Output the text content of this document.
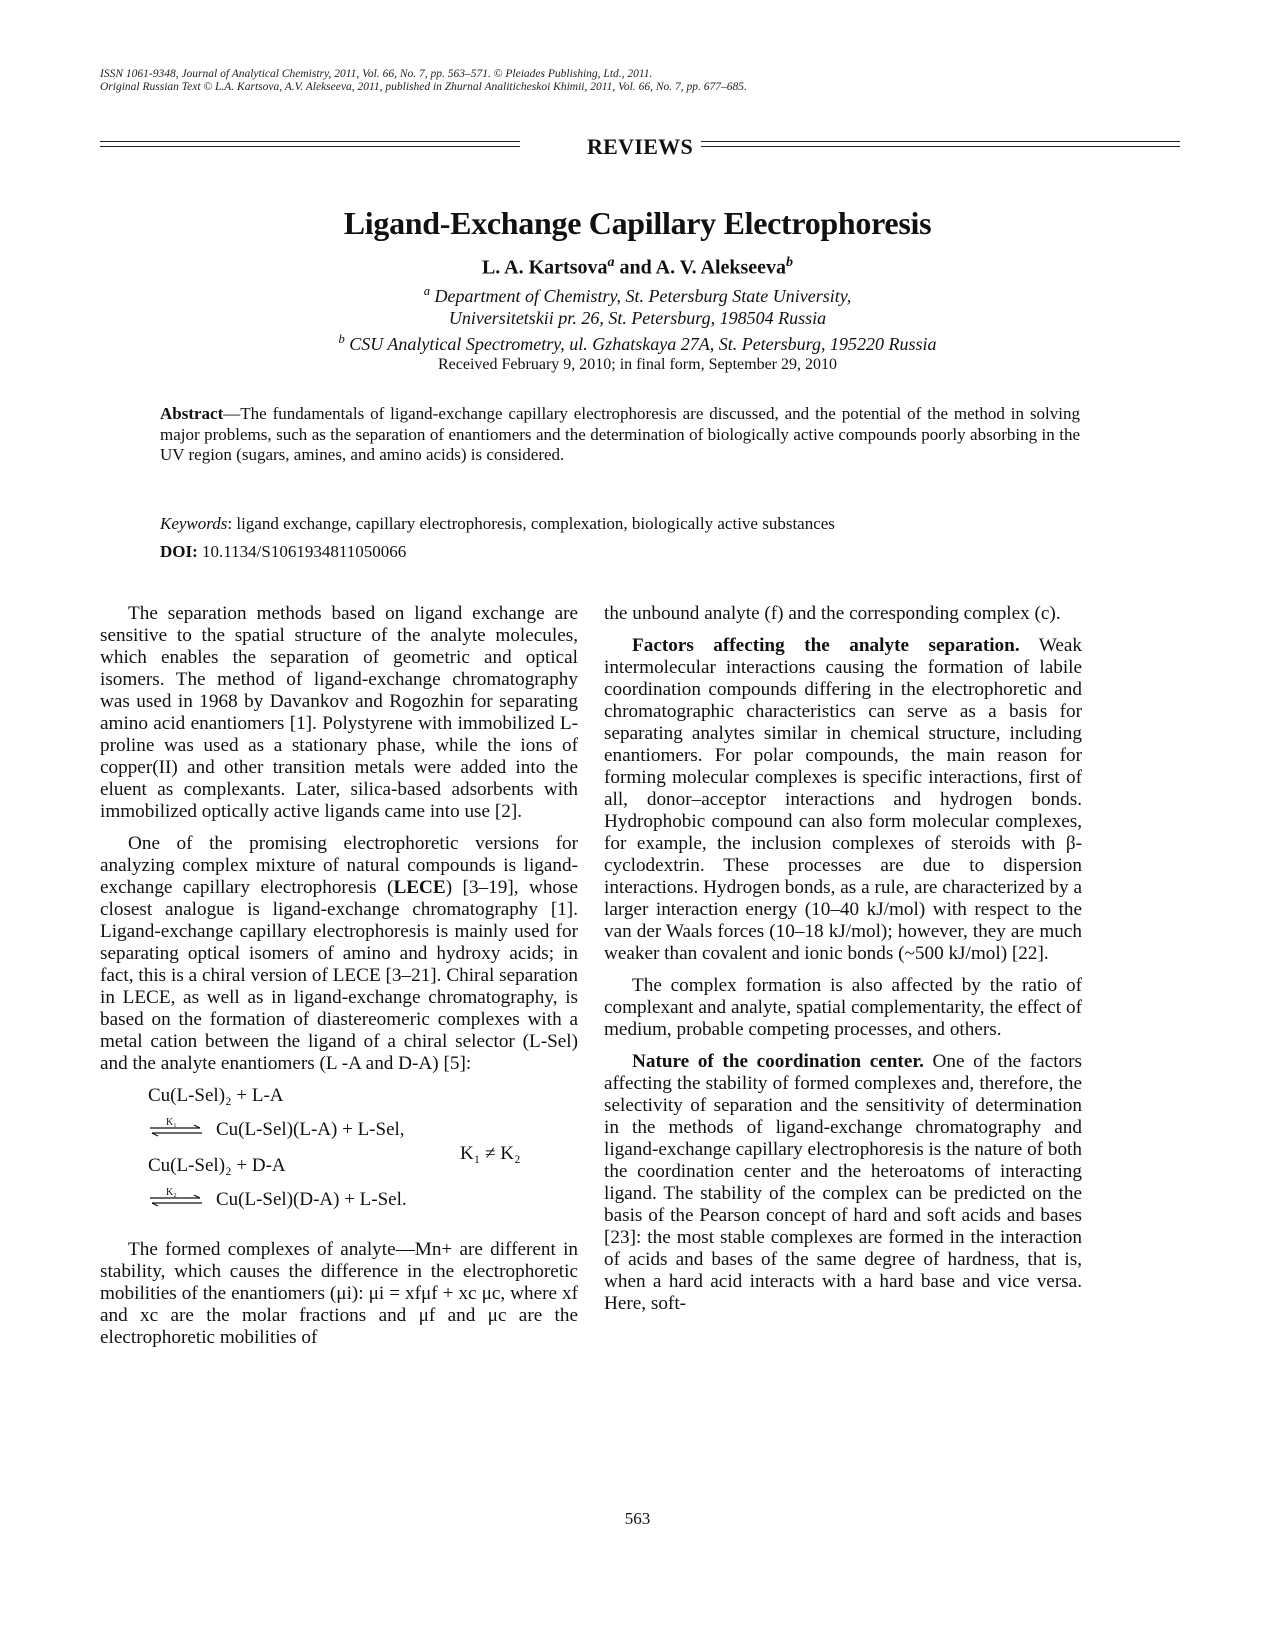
ISSN 1061-9348, Journal of Analytical Chemistry, 2011, Vol. 66, No. 7, pp. 563–571. © Pleiades Publishing, Ltd., 2011.
Original Russian Text © L.A. Kartsova, A.V. Alekseeva, 2011, published in Zhurnal Analiticheskoi Khimii, 2011, Vol. 66, No. 7, pp. 677–685.
REVIEWS
Ligand-Exchange Capillary Electrophoresis
L. A. Kartsova$^a$ and A. V. Alekseeva$^b$
$^a$ Department of Chemistry, St. Petersburg State University,
Universitetskii pr. 26, St. Petersburg, 198504 Russia
$^b$ CSU Analytical Spectrometry, ul. Gzhatskaya 27A, St. Petersburg, 195220 Russia
Received February 9, 2010; in final form, September 29, 2010
Abstract—The fundamentals of ligand-exchange capillary electrophoresis are discussed, and the potential of the method in solving major problems, such as the separation of enantiomers and the determination of biologically active compounds poorly absorbing in the UV region (sugars, amines, and amino acids) is considered.
Keywords: ligand exchange, capillary electrophoresis, complexation, biologically active substances
DOI: 10.1134/S1061934811050066

The separation methods based on ligand exchange are sensitive to the spatial structure of the analyte molecules, which enables the separation of geometric and optical isomers. The method of ligand-exchange chromatography was used in 1968 by Davankov and Rogozhin for separating amino acid enantiomers [1]. Polystyrene with immobilized L-proline was used as a stationary phase, while the ions of copper(II) and other transition metals were added into the eluent as complexants. Later, silica-based adsorbents with immobilized optically active ligands came into use [2].

One of the promising electrophoretic versions for analyzing complex mixture of natural compounds is ligand-exchange capillary electrophoresis (LECE) [3–19], whose closest analogue is ligand-exchange chromatography [1]. Ligand-exchange capillary electrophoresis is mainly used for separating optical isomers of amino and hydroxy acids; in fact, this is a chiral version of LECE [3–21]. Chiral separation in LECE, as well as in ligand-exchange chromatography, is based on the formation of diastereomeric complexes with a metal cation between the ligand of a chiral selector (L-Sel) and the analyte enantiomers (L -A and D-A) [5]:

Cu(L-Sel)₂ + L-A
K₁ Cu(L-Sel)(L-A) + L-Sel,
Cu(L-Sel)₂ + D-A
K₂ Cu(L-Sel)(D-A) + L-Sel.
K₁ ≠ K₂

The formed complexes of analyte—Mn+ are different in stability, which causes the difference in the electrophoretic mobilities of the enantiomers (μi): μi = xfμf + xc μc, where xf and xc are the molar fractions and μf and μc are the electrophoretic mobilities of

the unbound analyte (f) and the corresponding complex (c).

Factors affecting the analyte separation. Weak intermolecular interactions causing the formation of labile coordination compounds differing in the electrophoretic and chromatographic characteristics can serve as a basis for separating analytes similar in chemical structure, including enantiomers. For polar compounds, the main reason for forming molecular complexes is specific interactions, first of all, donor–acceptor interactions and hydrogen bonds. Hydrophobic compound can also form molecular complexes, for example, the inclusion complexes of steroids with β-cyclodextrin. These processes are due to dispersion interactions. Hydrogen bonds, as a rule, are characterized by a larger interaction energy (10–40 kJ/mol) with respect to the van der Waals forces (10–18 kJ/mol); however, they are much weaker than covalent and ionic bonds (~500 kJ/mol) [22].

The complex formation is also affected by the ratio of complexant and analyte, spatial complementarity, the effect of medium, probable competing processes, and others.

Nature of the coordination center. One of the factors affecting the stability of formed complexes and, therefore, the selectivity of separation and the sensitivity of determination in the methods of ligand-exchange chromatography and ligand-exchange capillary electrophoresis is the nature of both the coordination center and the heteroatoms of interacting ligand. The stability of the complex can be predicted on the basis of the Pearson concept of hard and soft acids and bases [23]: the most stable complexes are formed in the interaction of acids and bases of the same degree of hardness, that is, when a hard acid interacts with a hard base and vice versa. Here, soft-

563
